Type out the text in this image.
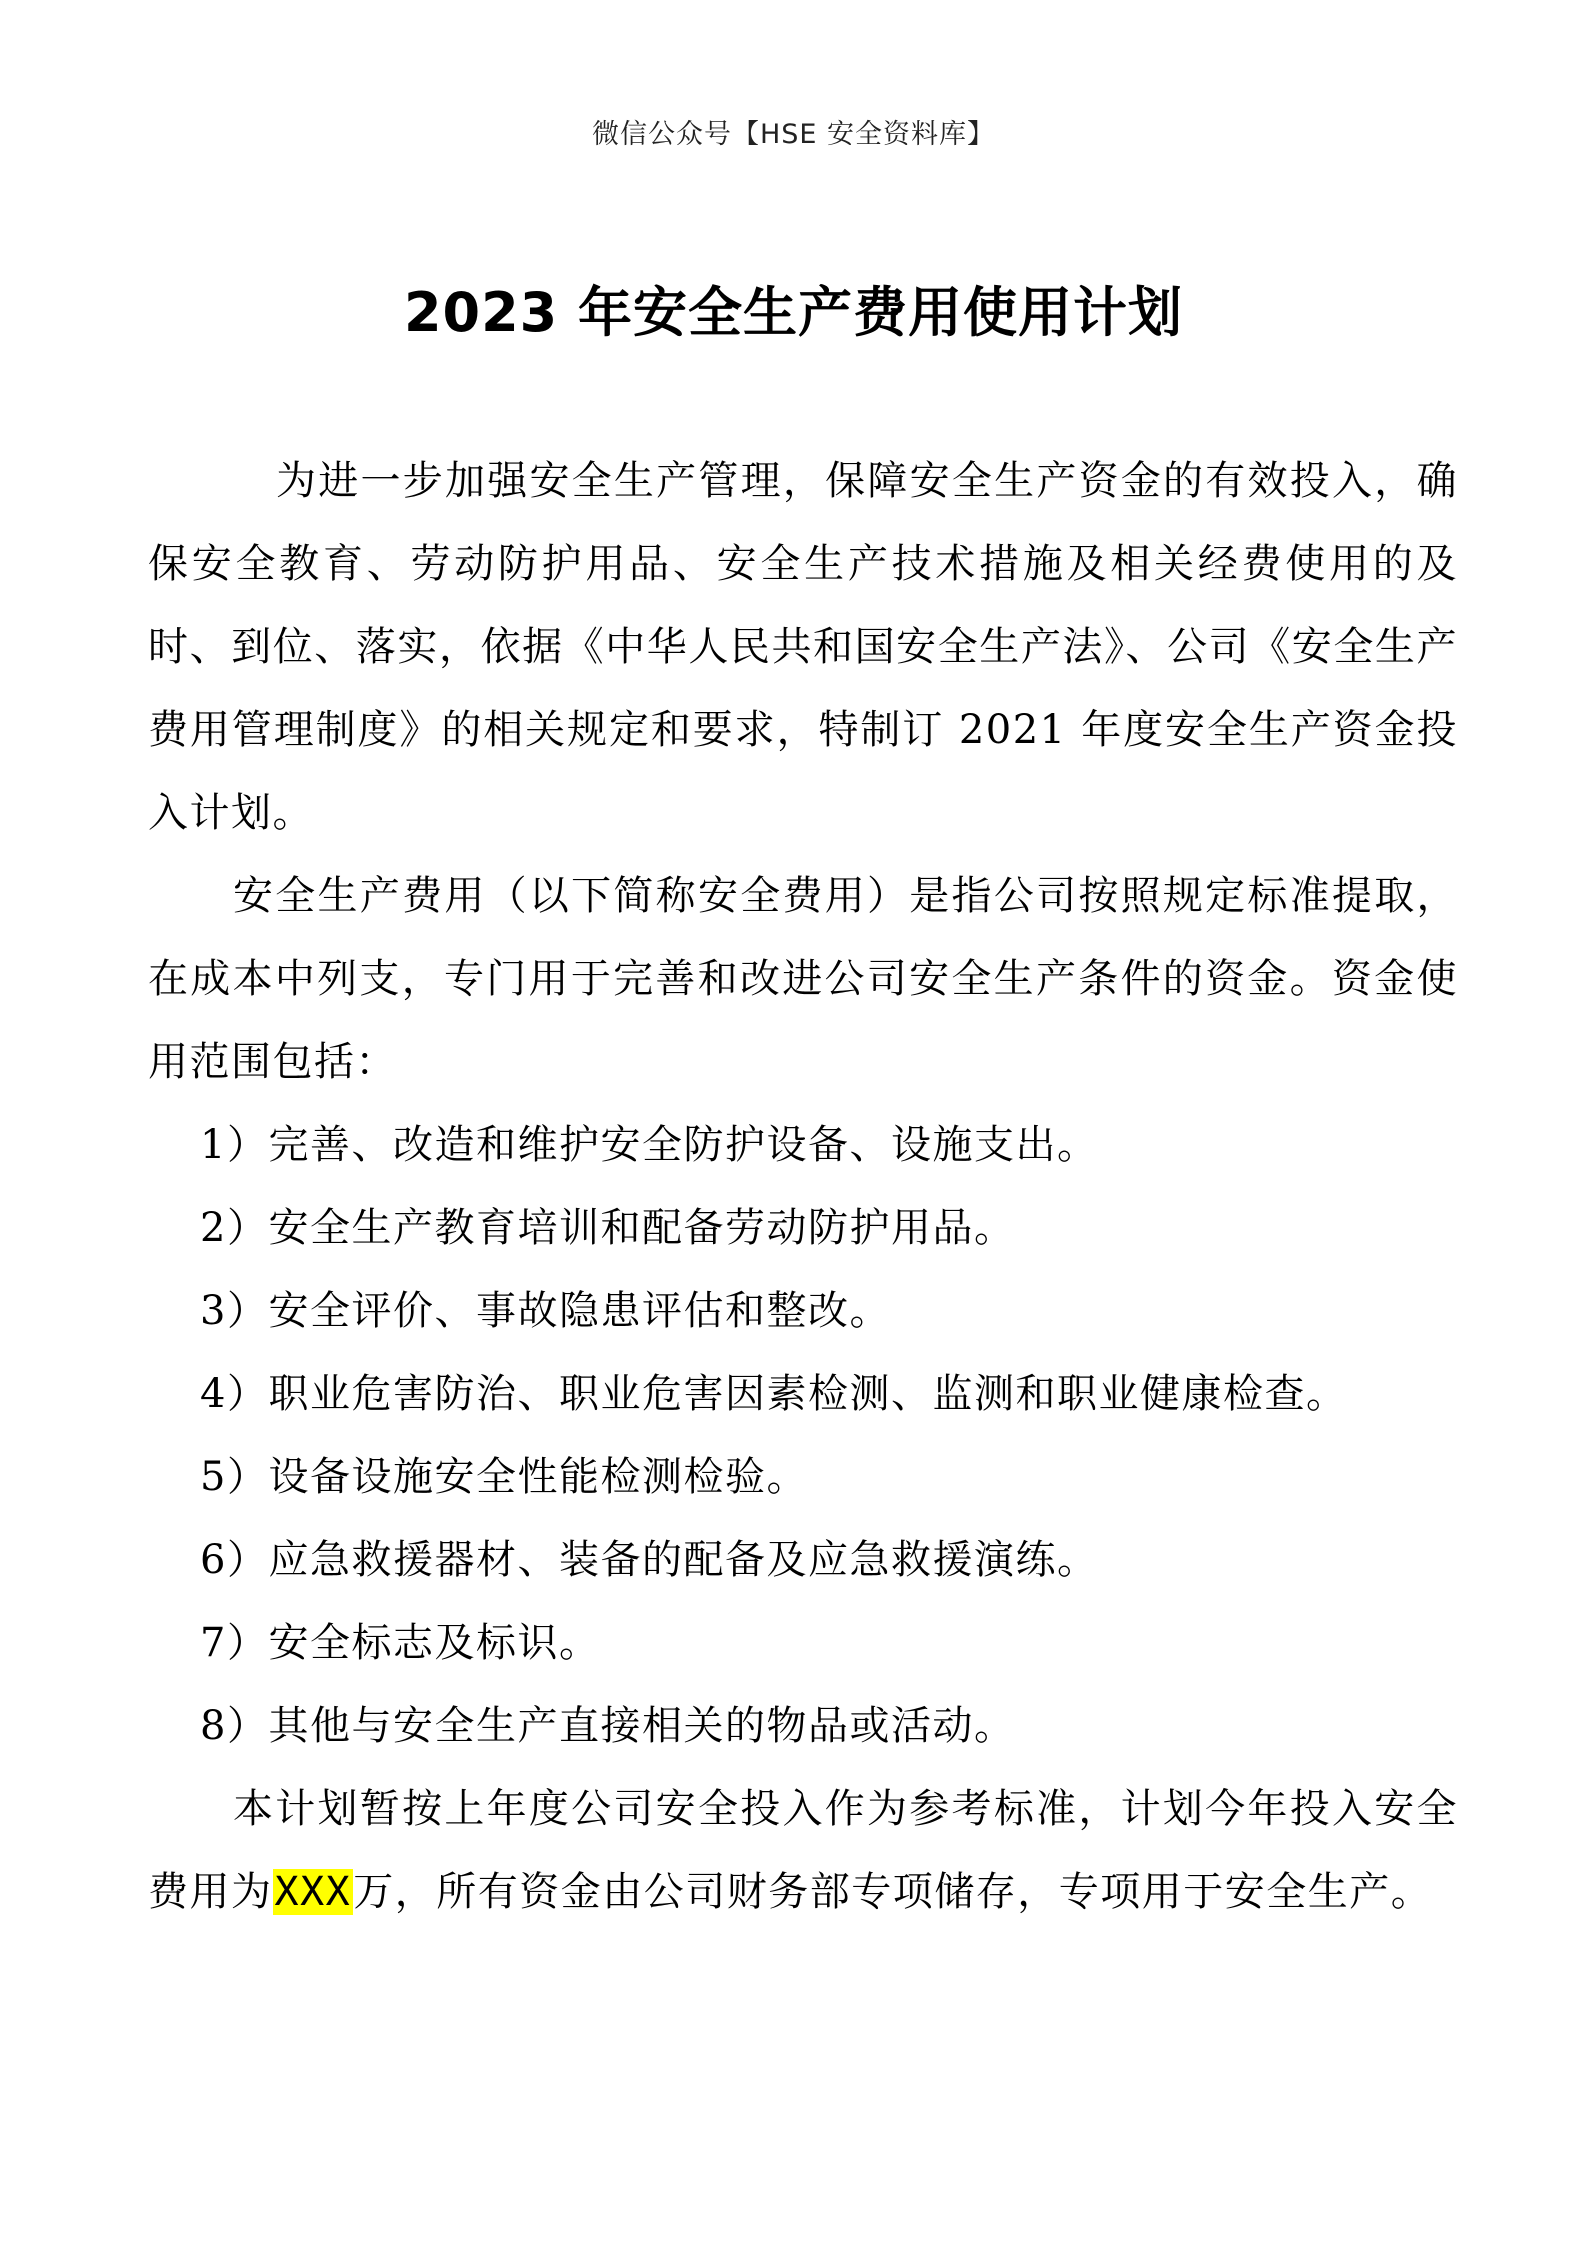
微信公众号【HSE 安全资料库】
2023 年安全生产费用使用计划

为进一步加强安全生产管理，保障安全生产资金的有效投入，确保安全教育、劳动防护用品、安全生产技术措施及相关经费使用的及时、到位、落实，依据《中华人民共和国安全生产法》、公司《安全生产费用管理制度》的相关规定和要求，特制订 2021 年度安全生产资金投入计划。

安全生产费用（以下简称安全费用）是指公司按照规定标准提取，在成本中列支，专门用于完善和改进公司安全生产条件的资金。资金使用范围包括：

1）完善、改造和维护安全防护设备、设施支出。

2）安全生产教育培训和配备劳动防护用品。

3）安全评价、事故隐患评估和整改。

4）职业危害防治、职业危害因素检测、监测和职业健康检查。

5）设备设施安全性能检测检验。

6）应急救援器材、装备的配备及应急救援演练。

7）安全标志及标识。

8）其他与安全生产直接相关的物品或活动。

本计划暂按上年度公司安全投入作为参考标准，计划今年投入安全费用为XXX万，所有资金由公司财务部专项储存，专项用于安全生产。
